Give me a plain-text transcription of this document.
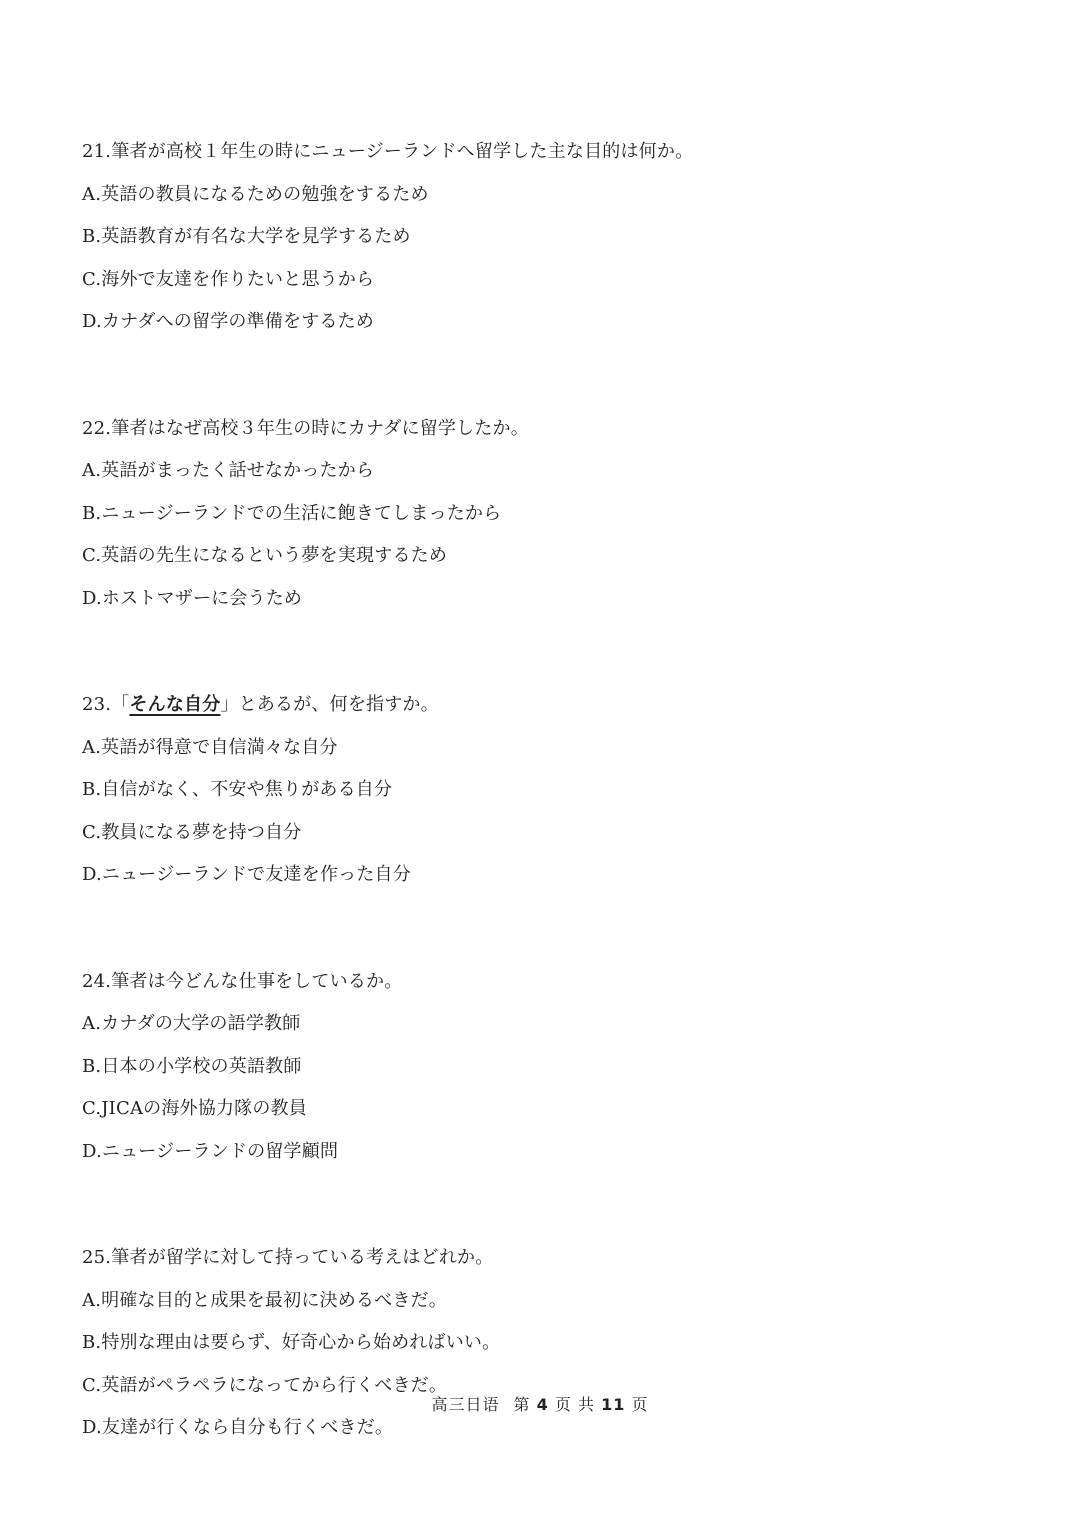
21.筆者が高校１年生の時にニュージーランドへ留学した主な目的は何か。
A.英語の教員になるための勉強をするため
B.英語教育が有名な大学を見学するため
C.海外で友達を作りたいと思うから
D.カナダへの留学の準備をするため
22.筆者はなぜ高校３年生の時にカナダに留学したか。
A.英語がまったく話せなかったから
B.ニュージーランドでの生活に飽きてしまったから
C.英語の先生になるという夢を実現するため
D.ホストマザーに会うため
23.「そんな自分」とあるが、何を指すか。
A.英語が得意で自信満々な自分
B.自信がなく、不安や焦りがある自分
C.教員になる夢を持つ自分
D.ニュージーランドで友達を作った自分
24.筆者は今どんな仕事をしているか。
A.カナダの大学の語学教師
B.日本の小学校の英語教師
C.JICAの海外協力隊の教員
D.ニュージーランドの留学顧問
25.筆者が留学に対して持っている考えはどれか。
A.明確な目的と成果を最初に決めるべきだ。
B.特別な理由は要らず、好奇心から始めればいい。
C.英語がペラペラになってから行くべきだ。
D.友達が行くなら自分も行くべきだ。
高三日语 第 4 页 共 11 页
